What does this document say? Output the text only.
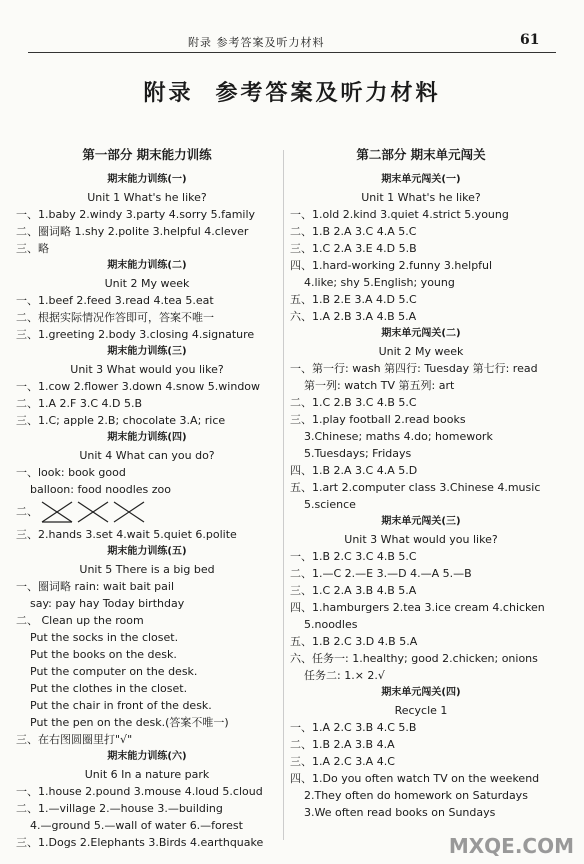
附录 参考答案及听力材料	61
附录 参考答案及听力材料
第一部分 期末能力训练
期末能力训练(一)
Unit 1 What's he like?
一、1.baby 2.windy 3.party 4.sorry 5.family
二、圈词略 1.shy 2.polite 3.helpful 4.clever
三、略
期末能力训练(二)
Unit 2 My week
一、1.beef 2.feed 3.read 4.tea 5.eat
二、根据实际情况作答即可，答案不唯一
三、1.greeting 2.body 3.closing 4.signature
期末能力训练(三)
Unit 3 What would you like?
一、1.cow 2.flower 3.down 4.snow 5.window
二、1.A 2.F 3.C 4.D 5.B
三、1.C; apple 2.B; chocolate 3.A; rice
期末能力训练(四)
Unit 4 What can you do?
一、look: book good
balloon: food noodles zoo
二、
三、2.hands 3.set 4.wait 5.quiet 6.polite
期末能力训练(五)
Unit 5 There is a big bed
一、圈词略 rain: wait bait pail
say: pay hay Today birthday
二、 Clean up the room
Put the socks in the closet.
Put the books on the desk.
Put the computer on the desk.
Put the clothes in the closet.
Put the chair in front of the desk.
Put the pen on the desk.(答案不唯一)
三、在右图圆圈里打"√"
期末能力训练(六)
Unit 6 In a nature park
一、1.house 2.pound 3.mouse 4.loud 5.cloud
二、1.—village 2.—house 3.—building
4.—ground 5.—wall of water 6.—forest
三、1.Dogs 2.Elephants 3.Birds 4.earthquake
第二部分 期末单元闯关
期末单元闯关(一)
Unit 1 What's he like?
一、1.old 2.kind 3.quiet 4.strict 5.young
二、1.B 2.A 3.C 4.A 5.C
三、1.C 2.A 3.E 4.D 5.B
四、1.hard-working 2.funny 3.helpful
4.like; shy 5.English; young
五、1.B 2.E 3.A 4.D 5.C
六、1.A 2.B 3.A 4.B 5.A
期末单元闯关(二)
Unit 2 My week
一、第一行: wash 第四行: Tuesday 第七行: read
第一列: watch TV 第五列: art
二、1.C 2.B 3.C 4.B 5.C
三、1.play football 2.read books
3.Chinese; maths 4.do; homework
5.Tuesdays; Fridays
四、1.B 2.A 3.C 4.A 5.D
五、1.art 2.computer class 3.Chinese 4.music
5.science
期末单元闯关(三)
Unit 3 What would you like?
一、1.B 2.C 3.C 4.B 5.C
二、1.—C 2.—E 3.—D 4.—A 5.—B
三、1.C 2.A 3.B 4.B 5.A
四、1.hamburgers 2.tea 3.ice cream 4.chicken
5.noodles
五、1.B 2.C 3.D 4.B 5.A
六、任务一: 1.healthy; good 2.chicken; onions
任务二: 1.× 2.√
期末单元闯关(四)
Recycle 1
一、1.A 2.C 3.B 4.C 5.B
二、1.B 2.A 3.B 4.A
三、1.A 2.C 3.A 4.C
四、1.Do you often watch TV on the weekend
2.They often do homework on Saturdays
3.We often read books on Sundays
MXQE.COM
